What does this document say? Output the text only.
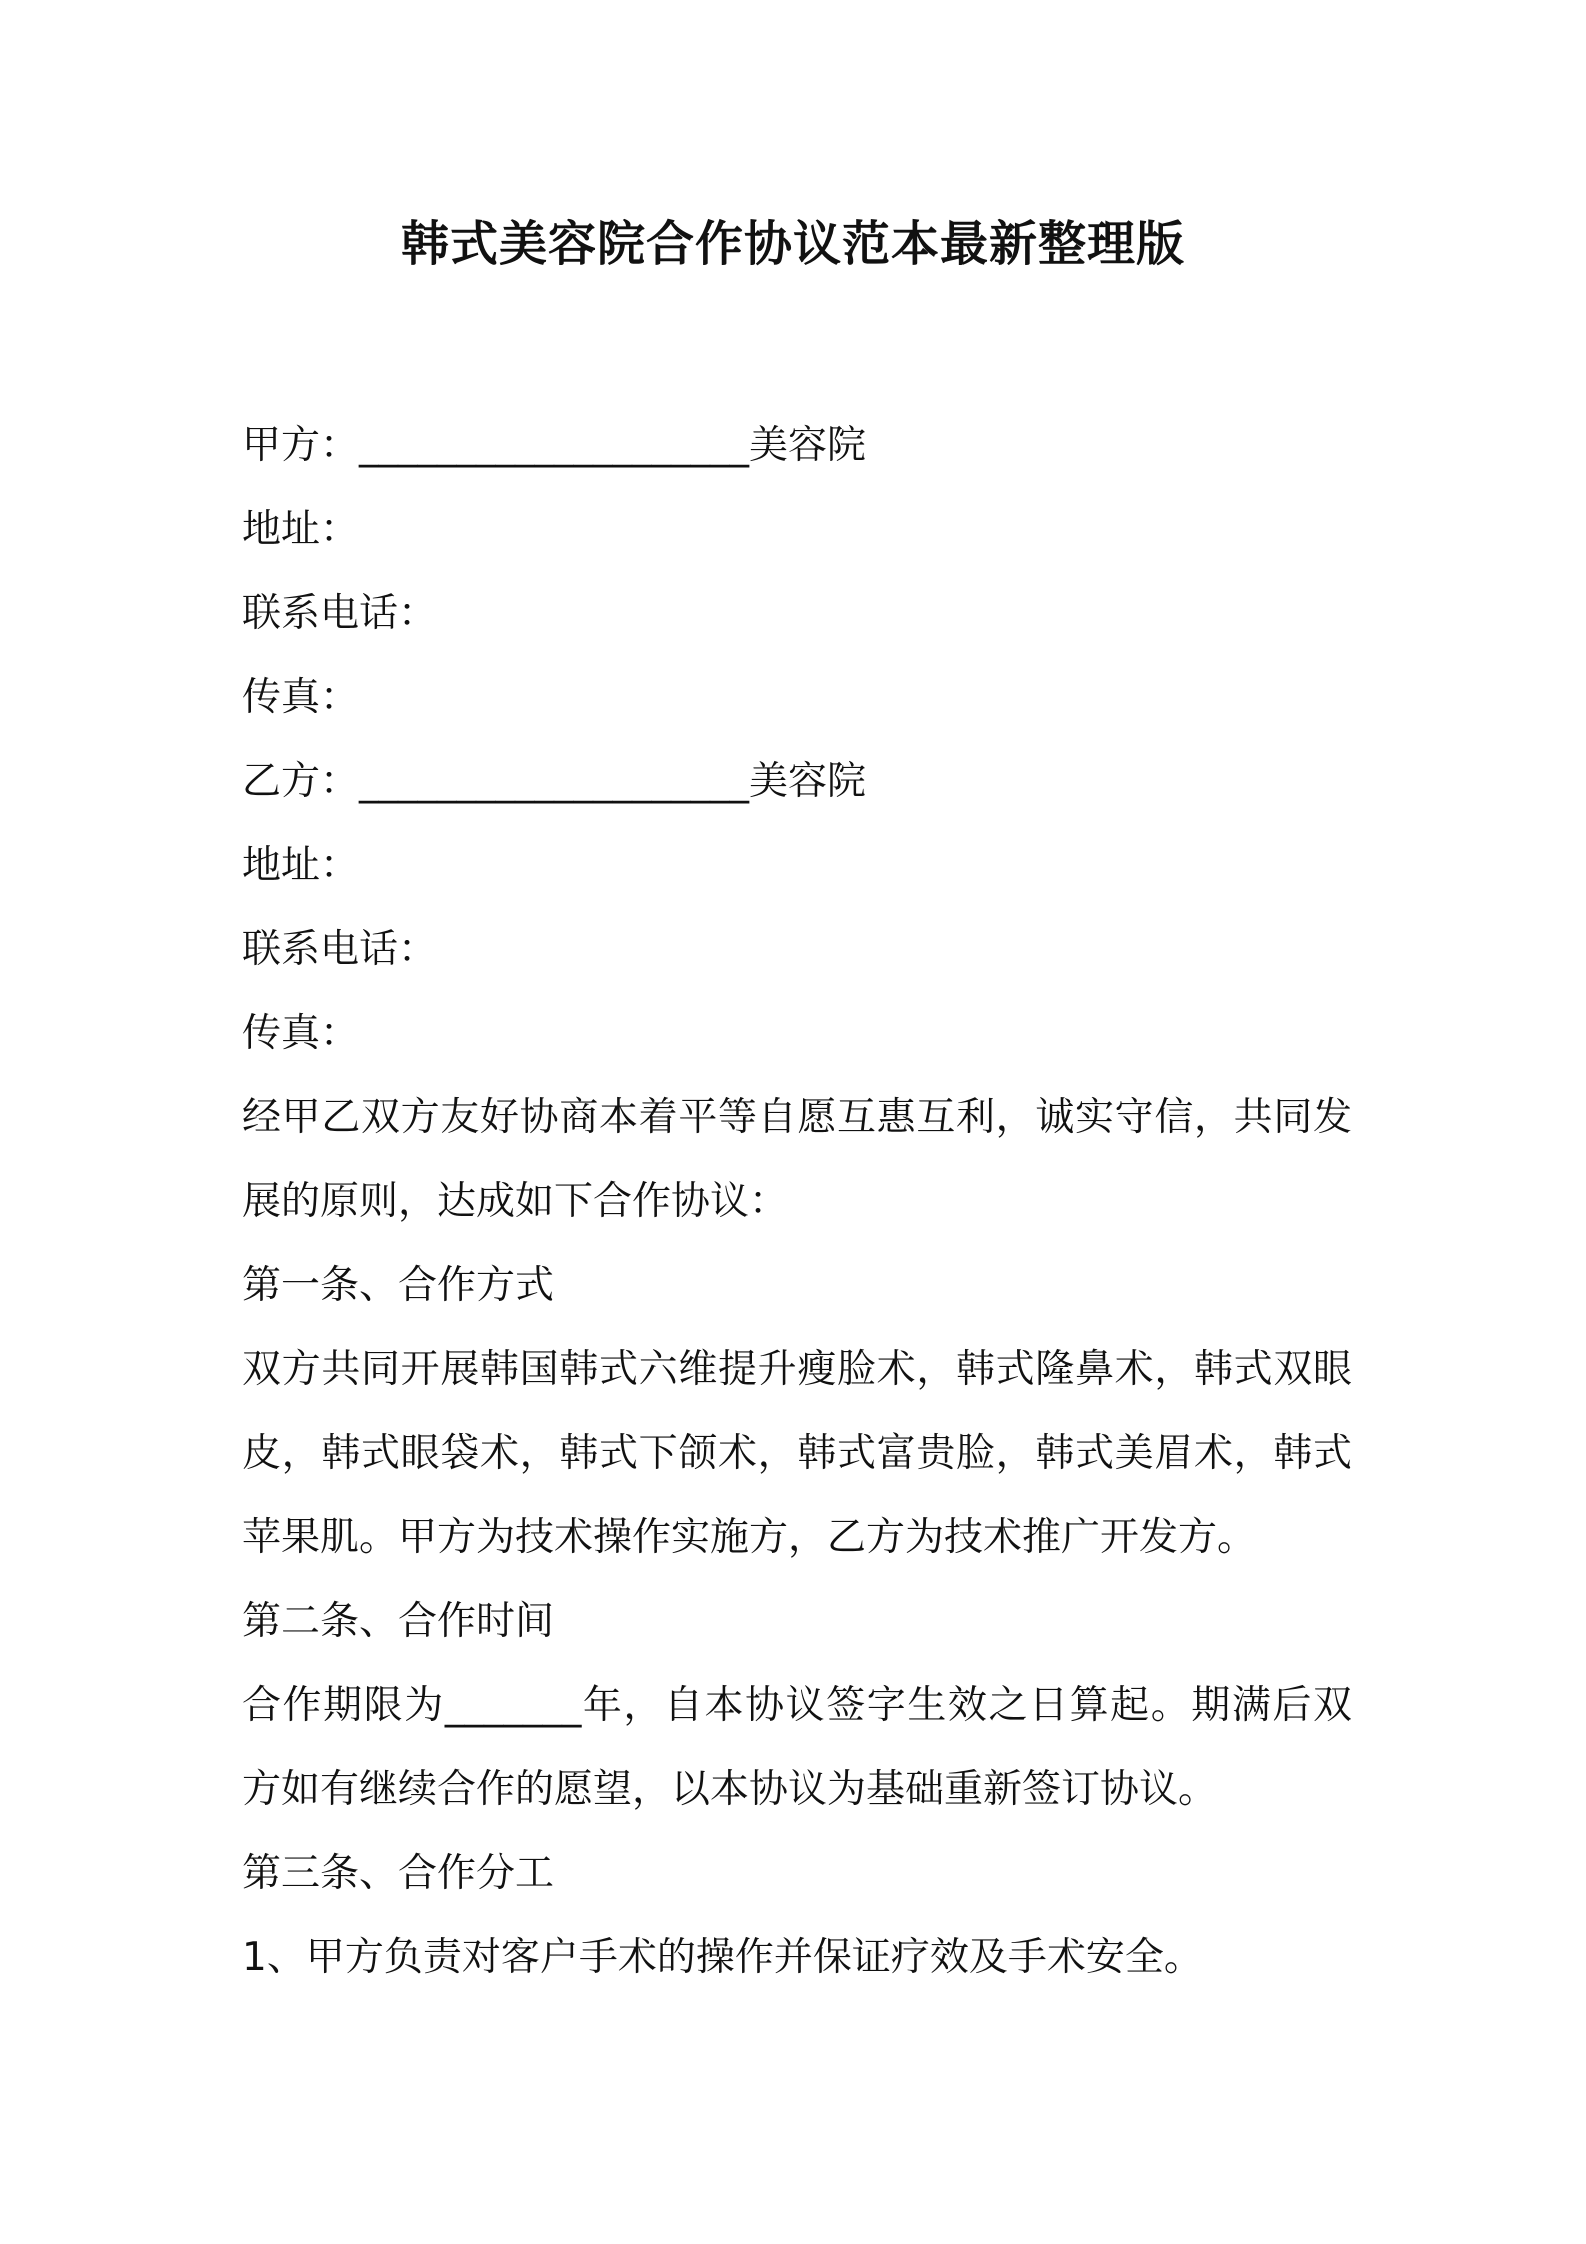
韩式美容院合作协议范本最新整理版
甲方：____________________美容院
地址：
联系电话：
传真：
乙方：____________________美容院
地址：
联系电话：
传真：
经甲乙双方友好协商本着平等自愿互惠互利，诚实守信，共同发展的原则，达成如下合作协议：
第一条、合作方式
双方共同开展韩国韩式六维提升瘦脸术，韩式隆鼻术，韩式双眼皮，韩式眼袋术，韩式下颌术，韩式富贵脸，韩式美眉术，韩式苹果肌。甲方为技术操作实施方，乙方为技术推广开发方。
第二条、合作时间
合作期限为_______年，自本协议签字生效之日算起。期满后双方如有继续合作的愿望，以本协议为基础重新签订协议。
第三条、合作分工
1、甲方负责对客户手术的操作并保证疗效及手术安全。
